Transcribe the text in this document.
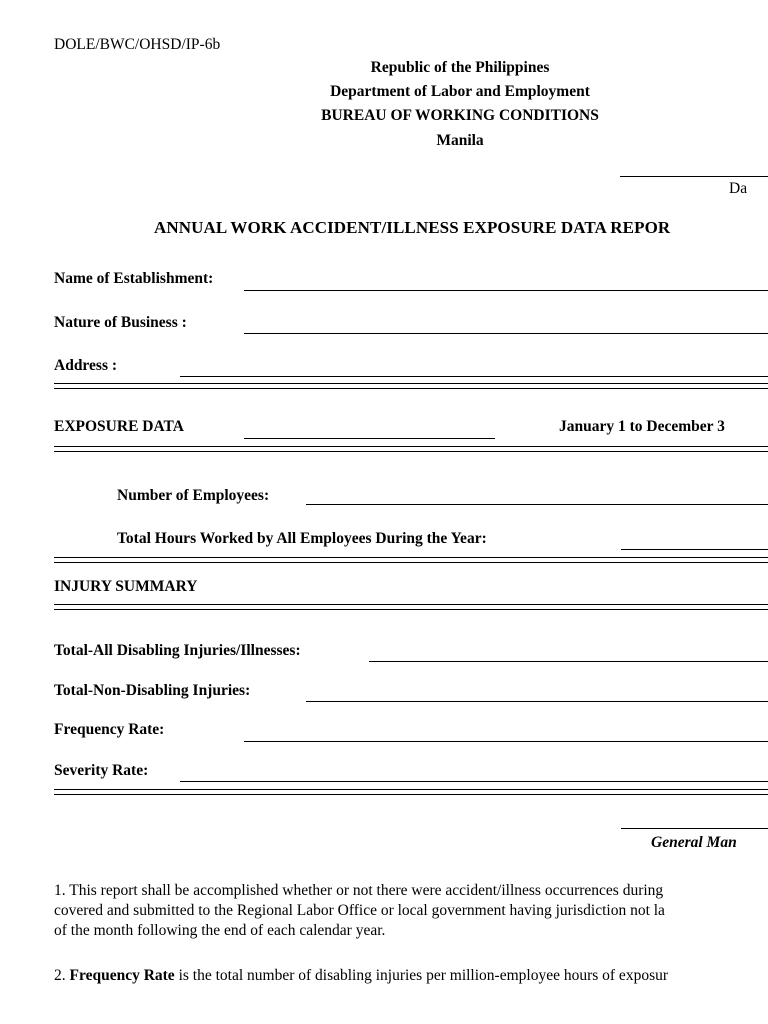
DOLE/BWC/OHSD/IP-6b
Republic of the Philippines
Department of Labor and Employment
BUREAU OF WORKING CONDITIONS
Manila
Da
ANNUAL WORK ACCIDENT/ILLNESS EXPOSURE DATA REPOR
Name of Establishment:
Nature of Business :
Address :
EXPOSURE DATA	January 1 to December 3
Number of Employees:
Total Hours Worked by All Employees During the Year:
INJURY SUMMARY
Total-All Disabling Injuries/Illnesses:
Total-Non-Disabling Injuries:
Frequency Rate:
Severity Rate:
General Man
1. This report shall be accomplished whether or not there were accident/illness occurrences during
covered and submitted to the Regional Labor Office or local government having jurisdiction not la
of the month following the end of each calendar year.
2. Frequency Rate is the total number of disabling injuries per million-employee hours of exposur
